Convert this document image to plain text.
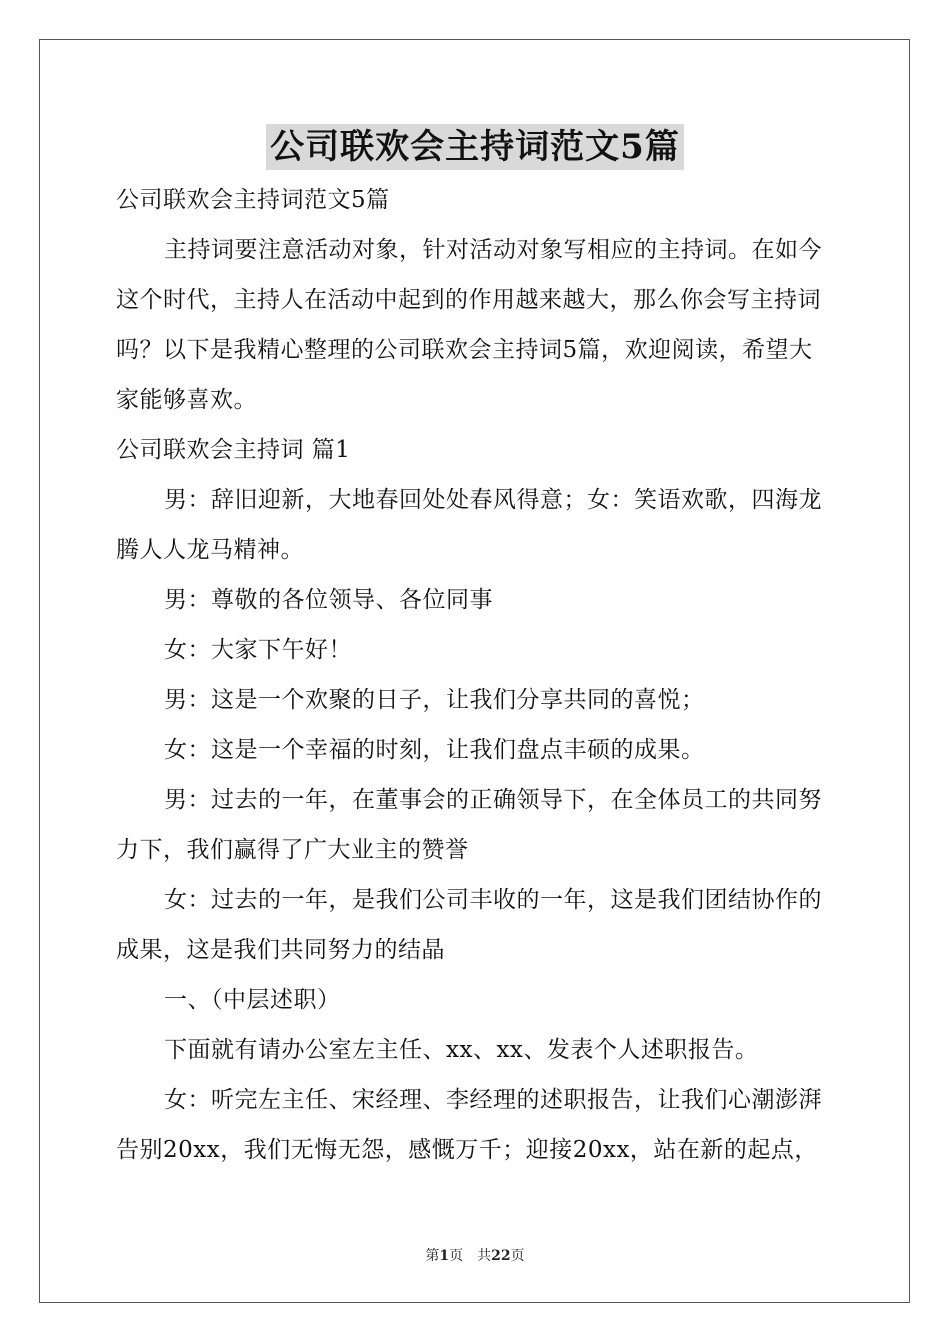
公司联欢会主持词范文5篇

公司联欢会主持词范文5篇

主持词要注意活动对象，针对活动对象写相应的主持词。在如今

这个时代，主持人在活动中起到的作用越来越大，那么你会写主持词

吗？以下是我精心整理的公司联欢会主持词5篇，欢迎阅读，希望大

家能够喜欢。

公司联欢会主持词 篇1

男：辞旧迎新，大地春回处处春风得意；女：笑语欢歌，四海龙

腾人人龙马精神。

男：尊敬的各位领导、各位同事

女：大家下午好！

男：这是一个欢聚的日子，让我们分享共同的喜悦；

女：这是一个幸福的时刻，让我们盘点丰硕的成果。

男：过去的一年，在董事会的正确领导下，在全体员工的共同努

力下，我们赢得了广大业主的赞誉

女：过去的一年，是我们公司丰收的一年，这是我们团结协作的

成果，这是我们共同努力的结晶

一、（中层述职）

下面就有请办公室左主任、xx、xx、发表个人述职报告。

女：听完左主任、宋经理、李经理的述职报告，让我们心潮澎湃

告别20xx，我们无悔无怨，感慨万千；迎接20xx，站在新的起点，

第1页　共22页
